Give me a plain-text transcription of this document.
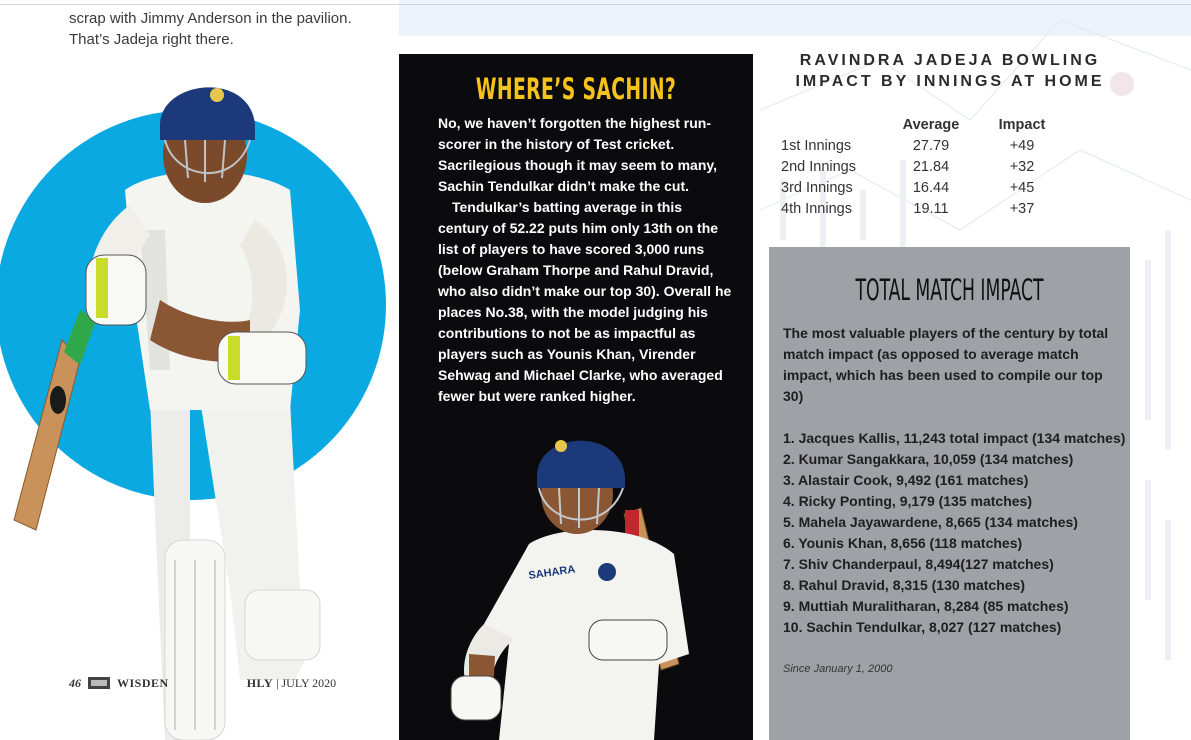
scrap with Jimmy Anderson in the pavilion.

That’s Jadeja right there.

46	WISDEN	HLY | JULY 2020
WHERE’S SACHIN?

No, we haven’t forgotten the highest run-scorer in the history of Test cricket. Sacrilegious though it may seem to many, Sachin Tendulkar didn’t make the cut.

Tendulkar’s batting average in this century of 52.22 puts him only 13th on the list of players to have scored 3,000 runs (below Graham Thorpe and Rahul Dravid, who also didn’t make our top 30). Overall he places No.38, with the model judging his contributions to not be as impactful as players such as Younis Khan, Virender Sehwag and Michael Clarke, who averaged fewer but were ranked higher.

SAHARA
RAVINDRA JADEJA BOWLING IMPACT BY INNINGS AT HOME
	Average	Impact
1st Innings	27.79	+49
2nd Innings	21.84	+32
3rd Innings	16.44	+45
4th Innings	19.11	+37
TOTAL MATCH IMPACT
The most valuable players of the century by total match impact (as opposed to average match impact, which has been used to compile our top 30)
1. Jacques Kallis, 11,243 total impact (134 matches)
2. Kumar Sangakkara, 10,059 (134 matches)
3. Alastair Cook, 9,492 (161 matches)
4. Ricky Ponting, 9,179 (135 matches)
5. Mahela Jayawardene, 8,665 (134 matches)
6. Younis Khan, 8,656 (118 matches)
7. Shiv Chanderpaul, 8,494(127 matches)
8. Rahul Dravid, 8,315 (130 matches)
9. Muttiah Muralitharan, 8,284 (85 matches)
10. Sachin Tendulkar, 8,027 (127 matches)
Since January 1, 2000
